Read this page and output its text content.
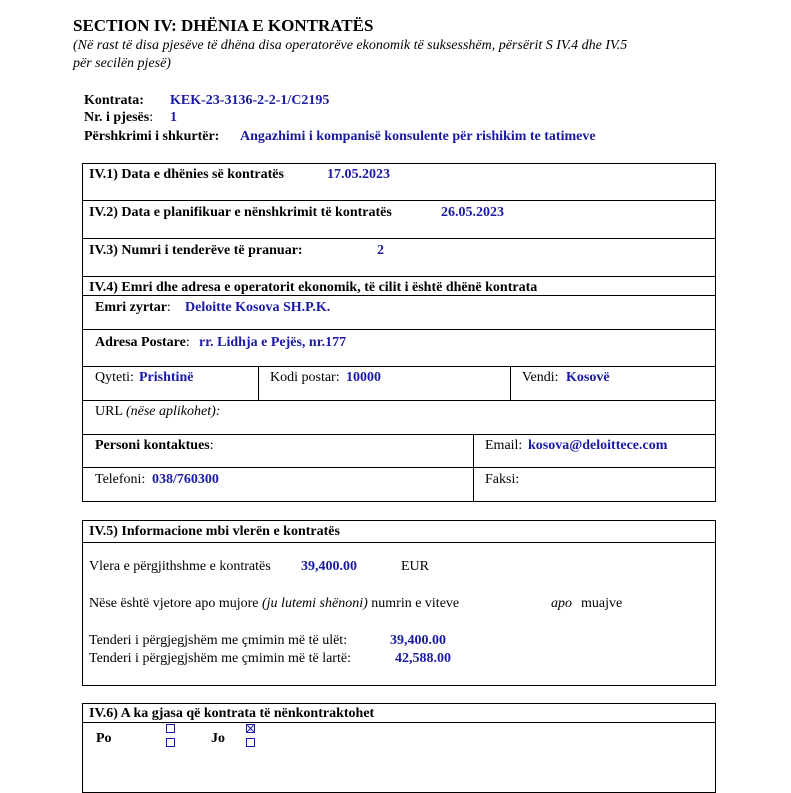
SECTION IV: DHËNIA E KONTRATËS
(Në rast të disa pjesëve të dhëna disa operatorëve ekonomik të suksesshëm, përsërit S IV.4 dhe IV.5
për secilën pjesë)
Kontrata: KEK-23-3136-2-2-1/C2195
Nr. i pjesës: 1
Përshkrimi i shkurtër: Angazhimi i kompanisë konsulente për rishikim te tatimeve
IV.1) Data e dhënies së kontratës	17.05.2023
IV.2) Data e planifikuar e nënshkrimit të kontratës	26.05.2023
IV.3) Numri i tenderëve të pranuar:	2
IV.4) Emri dhe adresa e operatorit ekonomik, të cilit i është dhënë kontrata
Emri zyrtar: Deloitte Kosova SH.P.K.
Adresa Postare: rr. Lidhja e Pejës, nr.177
Qyteti: Prishtinë	Kodi postar: 10000	Vendi: Kosovë
URL (nëse aplikohet):
Personi kontaktues:	Email: kosova@deloittece.com
Telefoni: 038/760300	Faksi:
IV.5) Informacione mbi vlerën e kontratës
Vlera e përgjithshme e kontratës 39,400.00	EUR
Nëse është vjetore apo mujore (ju lutemi shënoni) numrin e viteve	apo muajve
Tenderi i përgjegjshëm me çmimin më të ulët:	39,400.00
Tenderi i përgjegjshëm me çmimin më të lartë:	42,588.00
IV.6) A ka gjasa që kontrata të nënkontraktohet
Po	Jo
